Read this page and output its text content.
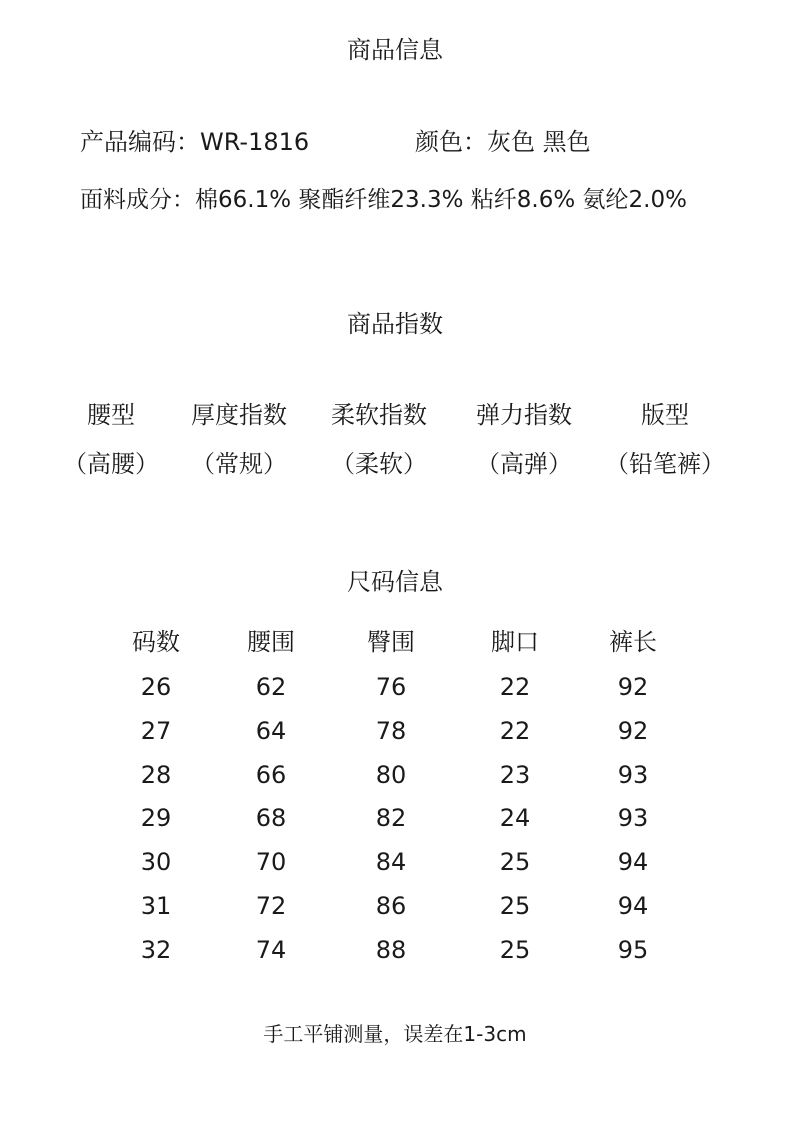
商品信息
产品编码：WR-1816	颜色：灰色 黑色
面料成分：棉66.1% 聚酯纤维23.3% 粘纤8.6% 氨纶2.0%
商品指数
腰型
（高腰）
厚度指数
（常规）
柔软指数
（柔软）
弹力指数
（高弹）
版型
（铅笔裤）
尺码信息
码数
26
27
28
29
30
31
32
腰围
62
64
66
68
70
72
74
臀围
76
78
80
82
84
86
88
脚口
22
22
23
24
25
25
25
裤长
92
92
93
93
94
94
95
手工平铺测量，误差在1-3cm
